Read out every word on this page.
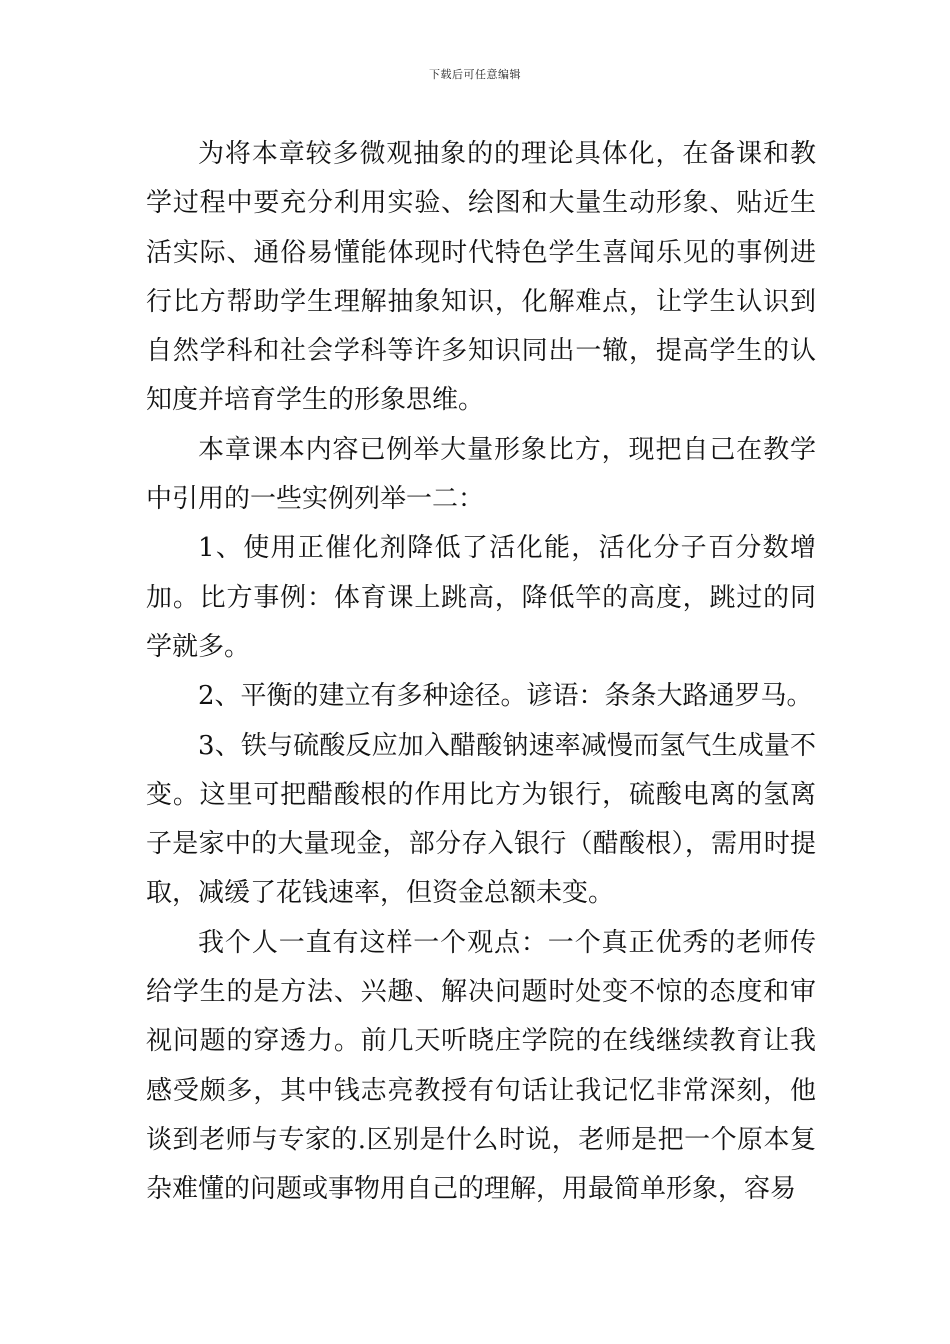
下载后可任意编辑

为将本章较多微观抽象的的理论具体化，在备课和教学过程中要充分利用实验、绘图和大量生动形象、贴近生活实际、通俗易懂能体现时代特色学生喜闻乐见的事例进行比方帮助学生理解抽象知识，化解难点，让学生认识到自然学科和社会学科等许多知识同出一辙，提高学生的认知度并培育学生的形象思维。

本章课本内容已例举大量形象比方，现把自己在教学中引用的一些实例列举一二：

1、使用正催化剂降低了活化能，活化分子百分数增加。比方事例：体育课上跳高，降低竿的高度，跳过的同学就多。

2、平衡的建立有多种途径。谚语：条条大路通罗马。

3、铁与硫酸反应加入醋酸钠速率减慢而氢气生成量不变。这里可把醋酸根的作用比方为银行，硫酸电离的氢离子是家中的大量现金，部分存入银行（醋酸根），需用时提取，减缓了花钱速率，但资金总额未变。

我个人一直有这样一个观点：一个真正优秀的老师传给学生的是方法、兴趣、解决问题时处变不惊的态度和审视问题的穿透力。前几天听晓庄学院的在线继续教育让我感受颇多，其中钱志亮教授有句话让我记忆非常深刻，他谈到老师与专家的.区别是什么时说，老师是把一个原本复杂难懂的问题或事物用自己的理解，用最简单形象，容易
